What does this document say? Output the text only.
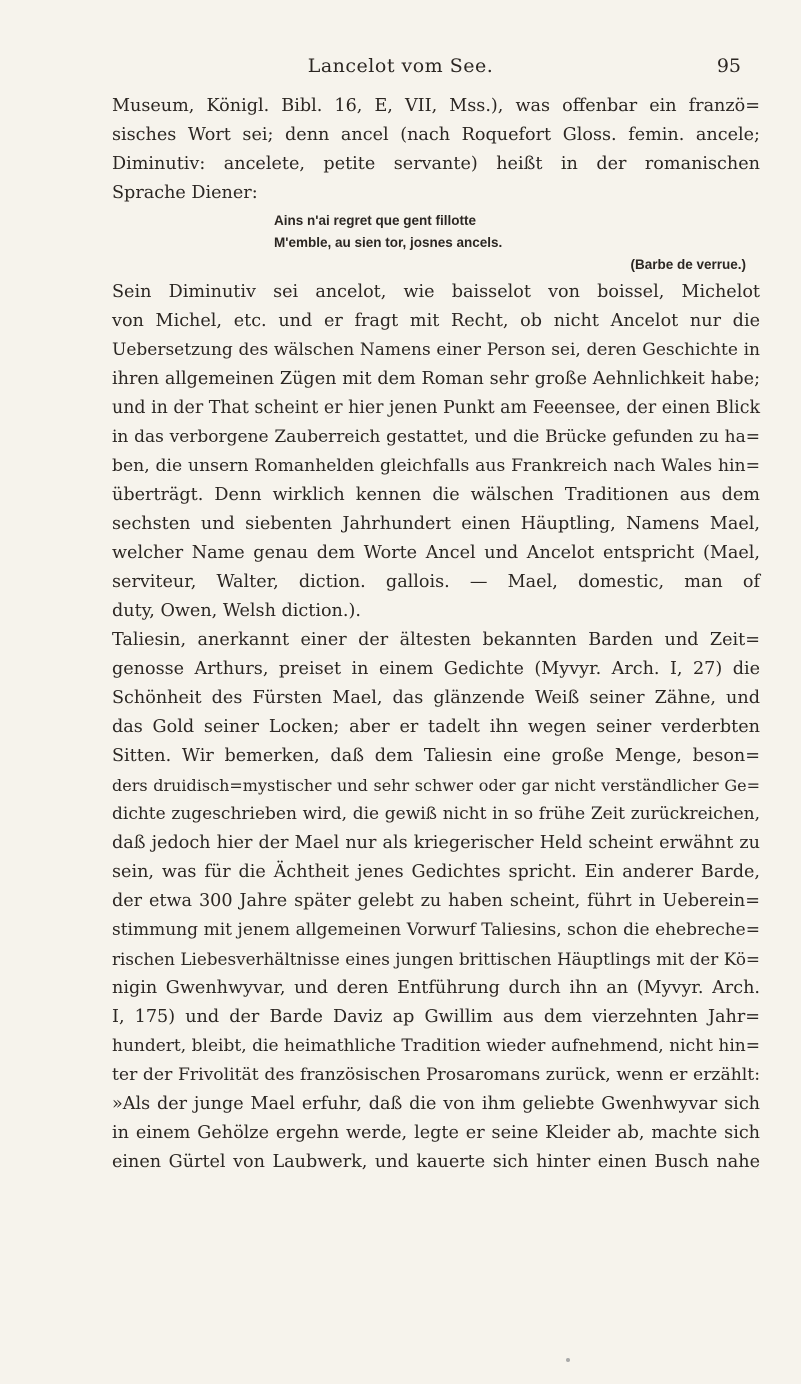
Lancelot vom See.	95
Museum, Königl. Bibl. 16, E, VII, Mss.), was offenbar ein franzö=
sisches Wort sei; denn ancel (nach Roquefort Gloss. femin. ancele;
Diminutiv: ancelete, petite servante) heißt in der romanischen
Sprache Diener:
Ains n'ai regret que gent fillotte
M'emble, au sien tor, josnes ancels.
(Barbe de verrue.)
Sein Diminutiv sei ancelot, wie baisselot von boissel, Michelot
von Michel, etc. und er fragt mit Recht, ob nicht Ancelot nur die
Uebersetzung des wälschen Namens einer Person sei, deren Geschichte in
ihren allgemeinen Zügen mit dem Roman sehr große Aehnlichkeit habe;
und in der That scheint er hier jenen Punkt am Feeensee, der einen Blick
in das verborgene Zauberreich gestattet, und die Brücke gefunden zu ha=
ben, die unsern Romanhelden gleichfalls aus Frankreich nach Wales hin=
überträgt. Denn wirklich kennen die wälschen Traditionen aus dem
sechsten und siebenten Jahrhundert einen Häuptling, Namens Mael,
welcher Name genau dem Worte Ancel und Ancelot entspricht (Mael,
serviteur, Walter, diction. gallois. — Mael, domestic, man of
duty, Owen, Welsh diction.).
Taliesin, anerkannt einer der ältesten bekannten Barden und Zeit=
genosse Arthurs, preiset in einem Gedichte (Myvyr. Arch. I, 27) die
Schönheit des Fürsten Mael, das glänzende Weiß seiner Zähne, und
das Gold seiner Locken; aber er tadelt ihn wegen seiner verderbten
Sitten. Wir bemerken, daß dem Taliesin eine große Menge, beson=
ders druidisch=mystischer und sehr schwer oder gar nicht verständlicher Ge=
dichte zugeschrieben wird, die gewiß nicht in so frühe Zeit zurückreichen,
daß jedoch hier der Mael nur als kriegerischer Held scheint erwähnt zu
sein, was für die Ächtheit jenes Gedichtes spricht. Ein anderer Barde,
der etwa 300 Jahre später gelebt zu haben scheint, führt in Ueberein=
stimmung mit jenem allgemeinen Vorwurf Taliesins, schon die ehebreche=
rischen Liebesverhältnisse eines jungen brittischen Häuptlings mit der Kö=
nigin Gwenhwyvar, und deren Entführung durch ihn an (Myvyr. Arch.
I, 175) und der Barde Daviz ap Gwillim aus dem vierzehnten Jahr=
hundert, bleibt, die heimathliche Tradition wieder aufnehmend, nicht hin=
ter der Frivolität des französischen Prosaromans zurück, wenn er erzählt:
»Als der junge Mael erfuhr, daß die von ihm geliebte Gwenhwyvar sich
in einem Gehölze ergehn werde, legte er seine Kleider ab, machte sich
einen Gürtel von Laubwerk, und kauerte sich hinter einen Busch nahe
